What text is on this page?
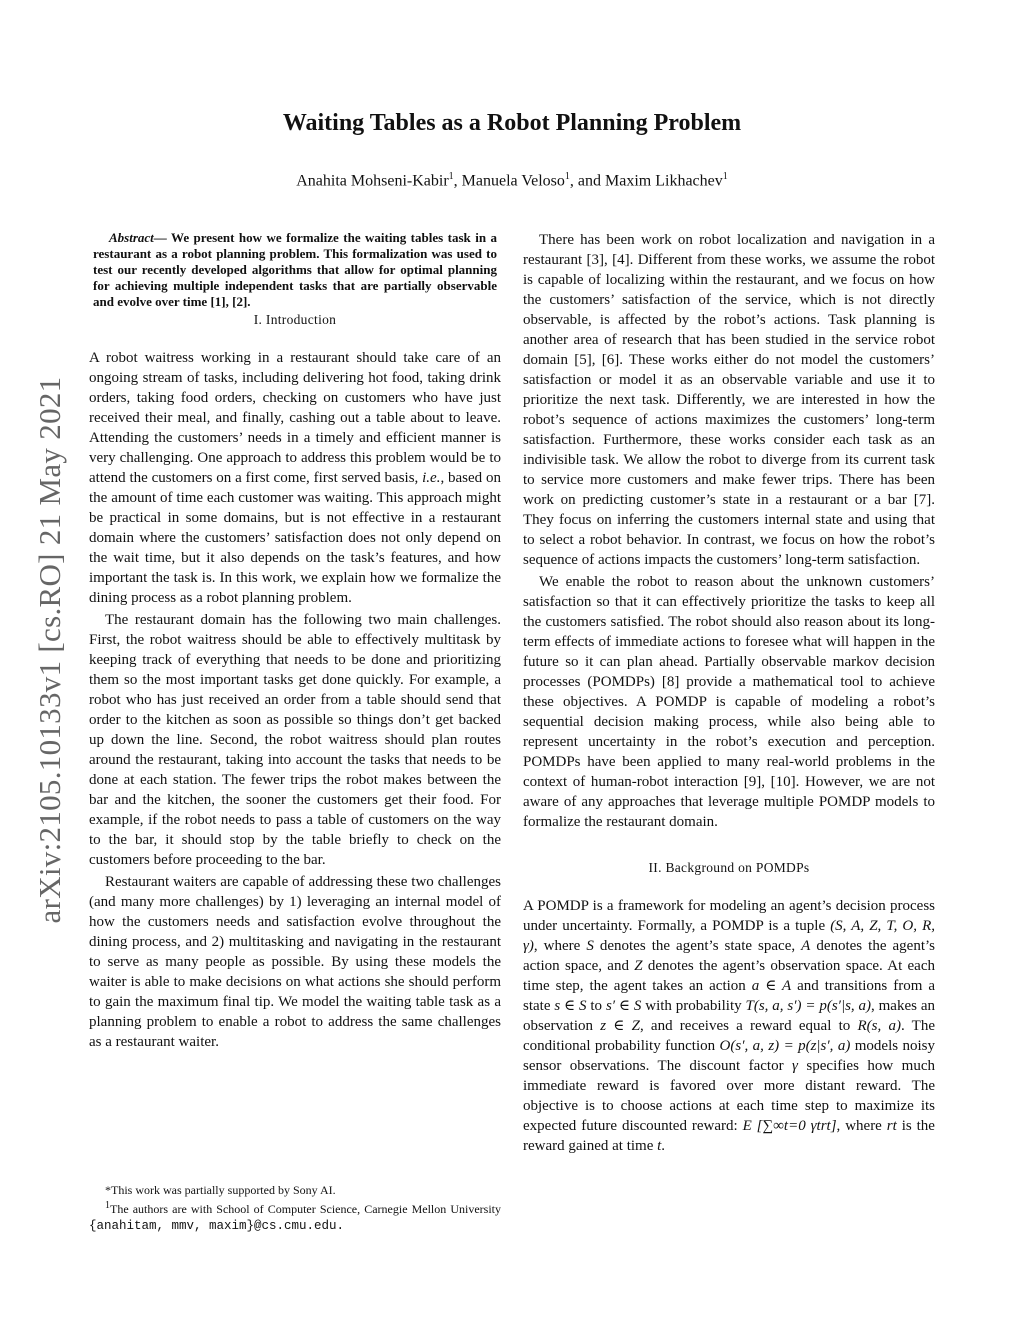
arXiv:2105.10133v1 [cs.RO] 21 May 2021
Waiting Tables as a Robot Planning Problem
Anahita Mohseni-Kabir$^1$, Manuela Veloso$^1$, and Maxim Likhachev$^1$

Abstract— We present how we formalize the waiting tables task in a restaurant as a robot planning problem. This formalization was used to test our recently developed algorithms that allow for optimal planning for achieving multiple independent tasks that are partially observable and evolve over time [1], [2].

I. Introduction

A robot waitress working in a restaurant should take care of an ongoing stream of tasks, including delivering hot food, taking drink orders, taking food orders, checking on customers who have just received their meal, and finally, cashing out a table about to leave. Attending the customers’ needs in a timely and efficient manner is very challenging. One approach to address this problem would be to attend the customers on a first come, first served basis, i.e., based on the amount of time each customer was waiting. This approach might be practical in some domains, but is not effective in a restaurant domain where the customers’ satisfaction does not only depend on the wait time, but it also depends on the task’s features, and how important the task is. In this work, we explain how we formalize the dining process as a robot planning problem.

The restaurant domain has the following two main challenges. First, the robot waitress should be able to effectively multitask by keeping track of everything that needs to be done and prioritizing them so the most important tasks get done quickly. For example, a robot who has just received an order from a table should send that order to the kitchen as soon as possible so things don’t get backed up down the line. Second, the robot waitress should plan routes around the restaurant, taking into account the tasks that needs to be done at each station. The fewer trips the robot makes between the bar and the kitchen, the sooner the customers get their food. For example, if the robot needs to pass a table of customers on the way to the bar, it should stop by the table briefly to check on the customers before proceeding to the bar.

Restaurant waiters are capable of addressing these two challenges (and many more challenges) by 1) leveraging an internal model of how the customers needs and satisfaction evolve throughout the dining process, and 2) multitasking and navigating in the restaurant to serve as many people as possible. By using these models the waiter is able to make decisions on what actions she should perform to gain the maximum final tip. We model the waiting table task as a planning problem to enable a robot to address the same challenges as a restaurant waiter.

There has been work on robot localization and navigation in a restaurant [3], [4]. Different from these works, we assume the robot is capable of localizing within the restaurant, and we focus on how the customers’ satisfaction of the service, which is not directly observable, is affected by the robot’s actions. Task planning is another area of research that has been studied in the service robot domain [5], [6]. These works either do not model the customers’ satisfaction or model it as an observable variable and use it to prioritize the next task. Differently, we are interested in how the robot’s sequence of actions maximizes the customers’ long-term satisfaction. Furthermore, these works consider each task as an indivisible task. We allow the robot to diverge from its current task to service more customers and make fewer trips. There has been work on predicting customer’s state in a restaurant or a bar [7]. They focus on inferring the customers internal state and using that to select a robot behavior. In contrast, we focus on how the robot’s sequence of actions impacts the customers’ long-term satisfaction.

We enable the robot to reason about the unknown customers’ satisfaction so that it can effectively prioritize the tasks to keep all the customers satisfied. The robot should also reason about its long-term effects of immediate actions to foresee what will happen in the future so it can plan ahead. Partially observable markov decision processes (POMDPs) [8] provide a mathematical tool to achieve these objectives. A POMDP is capable of modeling a robot’s sequential decision making process, while also being able to represent uncertainty in the robot’s execution and perception. POMDPs have been applied to many real-world problems in the context of human-robot interaction [9], [10]. However, we are not aware of any approaches that leverage multiple POMDP models to formalize the restaurant domain.

II. Background on POMDPs

A POMDP is a framework for modeling an agent’s decision process under uncertainty. Formally, a POMDP is a tuple (S, A, Z, T, O, R, γ), where S denotes the agent’s state space, A denotes the agent’s action space, and Z denotes the agent’s observation space. At each time step, the agent takes an action a ∈ A and transitions from a state s ∈ S to s′ ∈ S with probability T(s, a, s′) = p(s′|s, a), makes an observation z ∈ Z, and receives a reward equal to R(s, a). The conditional probability function O(s′, a, z) = p(z|s′, a) models noisy sensor observations. The discount factor γ specifies how much immediate reward is favored over more distant reward. The objective is to choose actions at each time step to maximize its expected future discounted reward: E [∑∞t=0 γtrt], where rt is the reward gained at time t.

*This work was partially supported by Sony AI.

$^1$The authors are with School of Computer Science, Carnegie Mellon University {anahitam, mmv, maxim}@cs.cmu.edu.
